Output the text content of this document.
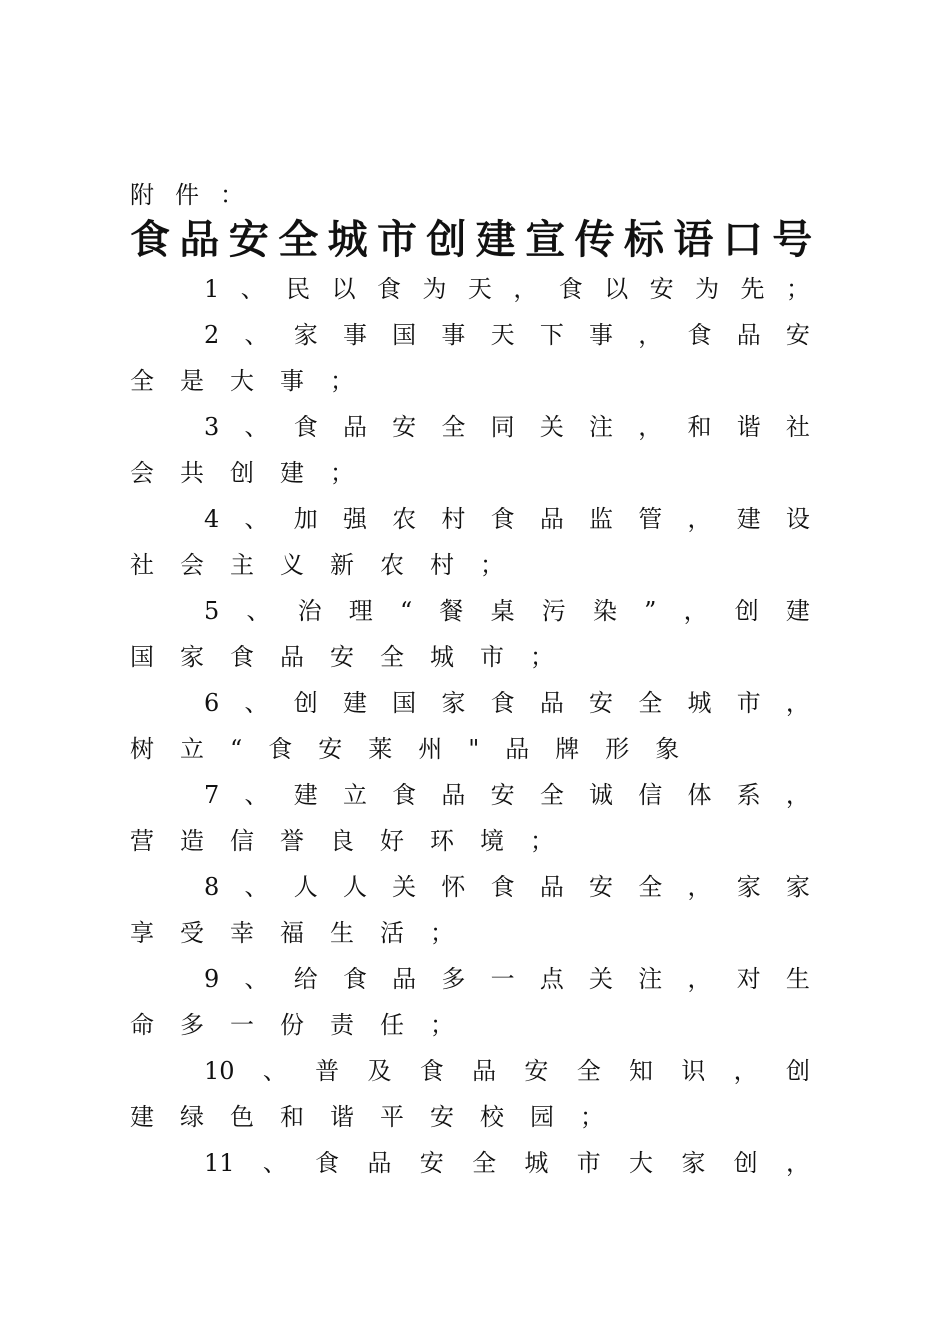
附件：
食品安全城市创建宣传标语口号
1 、 民 以 食 为 天 ， 食 以 安 为 先 ；
2 、 家 事 国 事 天 下 事 ， 食 品 安
全是大事；
3 、 食 品 安 全 同 关 注 ， 和 谐 社
会共创建；
4 、 加 强 农 村 食 品 监 管 ， 建 设
社会主义新农村；
5 、 治 理 “ 餐 桌 污 染 ” ， 创 建
国家食品安全城市；
6 、 创 建 国 家 食 品 安 全 城 市 ，
树立“食安莱州"品牌形象
7 、 建 立 食 品 安 全 诚 信 体 系 ，
营造信誉良好环境；
8 、 人 人 关 怀 食 品 安 全 ， 家 家
享受幸福生活；
9 、 给 食 品 多 一 点 关 注 ， 对 生
命多一份责任；
10 、 普 及 食 品 安 全 知 识 ， 创
建绿色和谐平安校园；
11 、 食 品 安 全 城 市 大 家 创 ，
